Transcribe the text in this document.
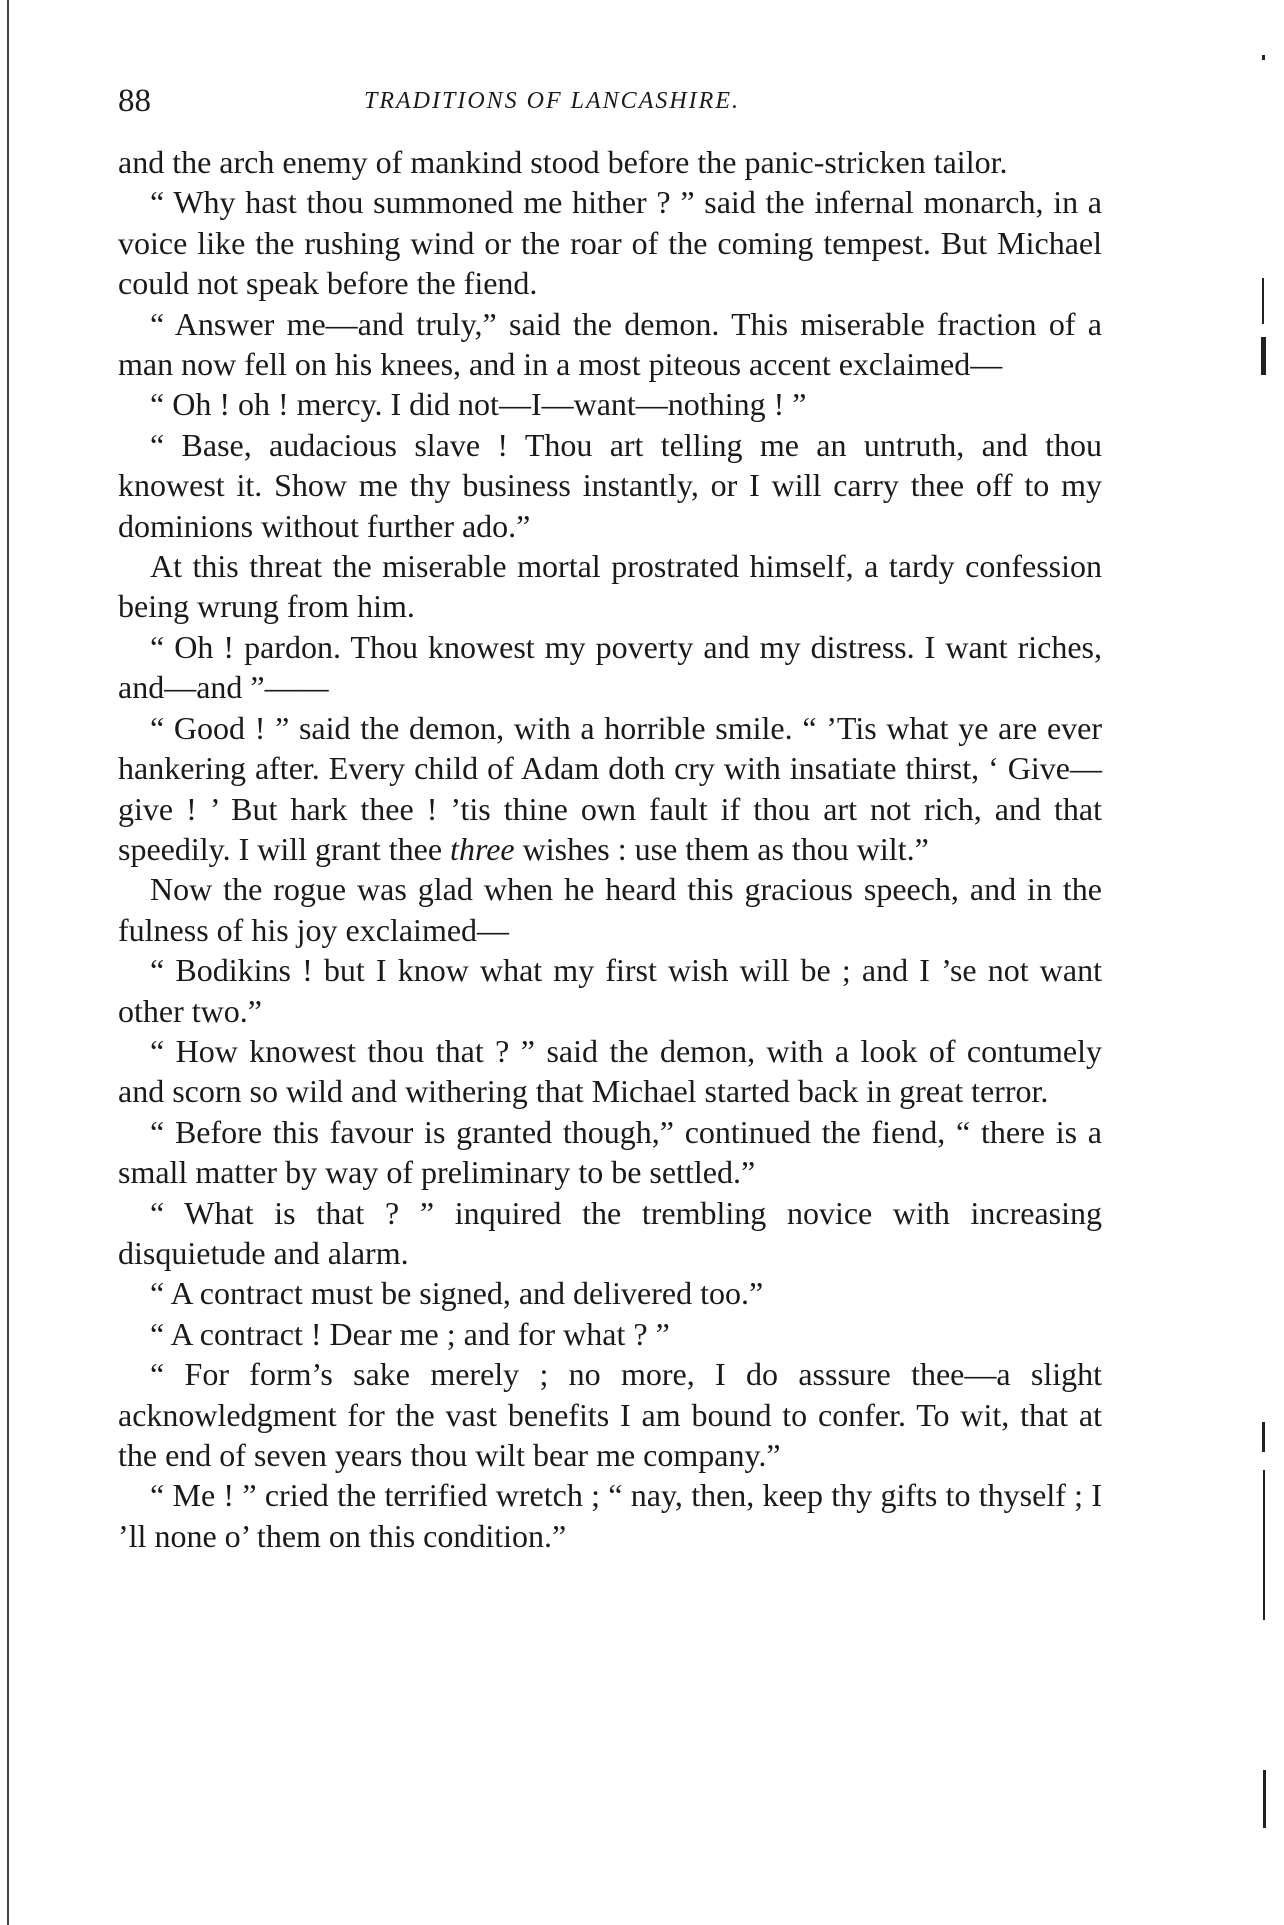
88	TRADITIONS OF LANCASHIRE.

and the arch enemy of mankind stood before the panic-stricken tailor.

“ Why hast thou summoned me hither ? ” said the infernal monarch, in a voice like the rushing wind or the roar of the coming tempest. But Michael could not speak before the fiend.

“ Answer me—and truly,” said the demon. This miserable fraction of a man now fell on his knees, and in a most piteous accent exclaimed—

“ Oh ! oh ! mercy. I did not—I—want—nothing ! ”

“ Base, audacious slave ! Thou art telling me an untruth, and thou knowest it. Show me thy business instantly, or I will carry thee off to my dominions without further ado.”

At this threat the miserable mortal prostrated himself, a tardy confession being wrung from him.

“ Oh ! pardon. Thou knowest my poverty and my distress. I want riches, and—and ”——

“ Good ! ” said the demon, with a horrible smile. “ ’Tis what ye are ever hankering after. Every child of Adam doth cry with insatiate thirst, ‘ Give—give ! ’ But hark thee ! ’tis thine own fault if thou art not rich, and that speedily. I will grant thee three wishes : use them as thou wilt.”

Now the rogue was glad when he heard this gracious speech, and in the fulness of his joy exclaimed—

“ Bodikins ! but I know what my first wish will be ; and I ’se not want other two.”

“ How knowest thou that ? ” said the demon, with a look of contumely and scorn so wild and withering that Michael started back in great terror.

“ Before this favour is granted though,” continued the fiend, “ there is a small matter by way of preliminary to be settled.”

“ What is that ? ” inquired the trembling novice with increasing disquietude and alarm.

“ A contract must be signed, and delivered too.”

“ A contract ! Dear me ; and for what ? ”

“ For form’s sake merely ; no more, I do asssure thee—a slight acknowledgment for the vast benefits I am bound to confer. To wit, that at the end of seven years thou wilt bear me company.”

“ Me ! ” cried the terrified wretch ; “ nay, then, keep thy gifts to thyself ; I ’ll none o’ them on this condition.”
